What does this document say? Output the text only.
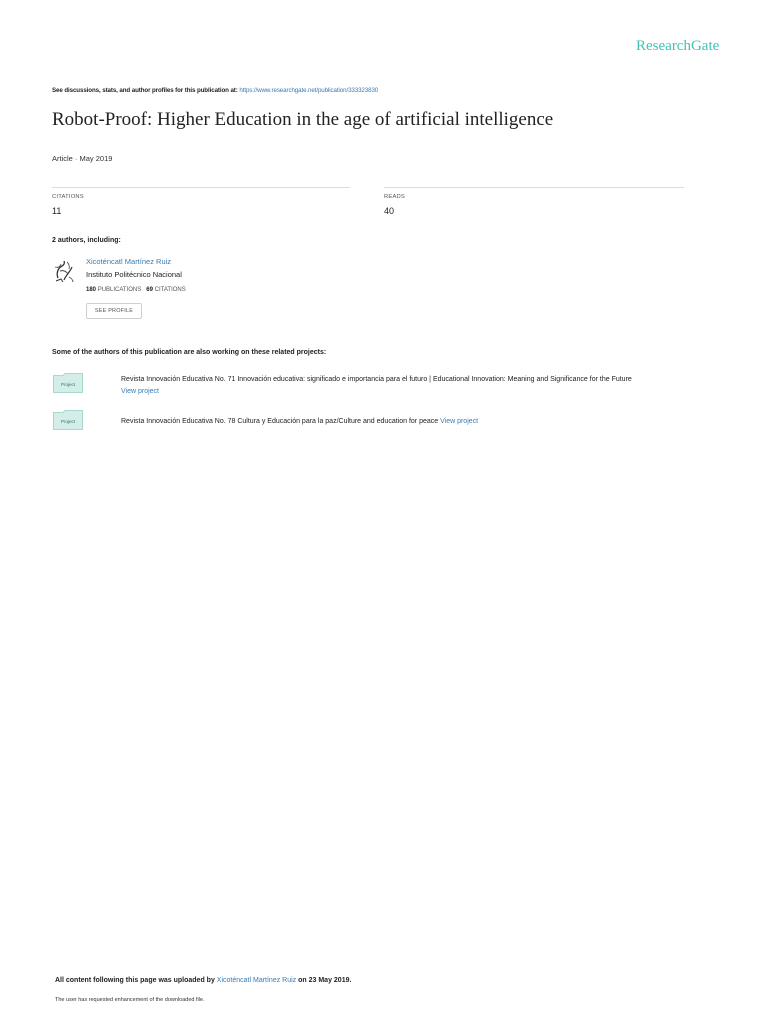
ResearchGate
See discussions, stats, and author profiles for this publication at: https://www.researchgate.net/publication/333323830
Robot-Proof: Higher Education in the age of artificial intelligence
Article · May 2019
CITATIONS
11
READS
40
2 authors, including:
Xicoténcatl Martínez Ruiz
Instituto Politécnico Nacional
180 PUBLICATIONS 69 CITATIONS
SEE PROFILE
Some of the authors of this publication are also working on these related projects:
Project
Revista Innovación Educativa No. 71 Innovación educativa: significado e importancia para el futuro | Educational Innovation: Meaning and Significance for the Future
View project
Project	Revista Innovación Educativa No. 78 Cultura y Educación para la paz/Culture and education for peace View project
All content following this page was uploaded by Xicoténcatl Martínez Ruiz on 23 May 2019.
The user has requested enhancement of the downloaded file.
